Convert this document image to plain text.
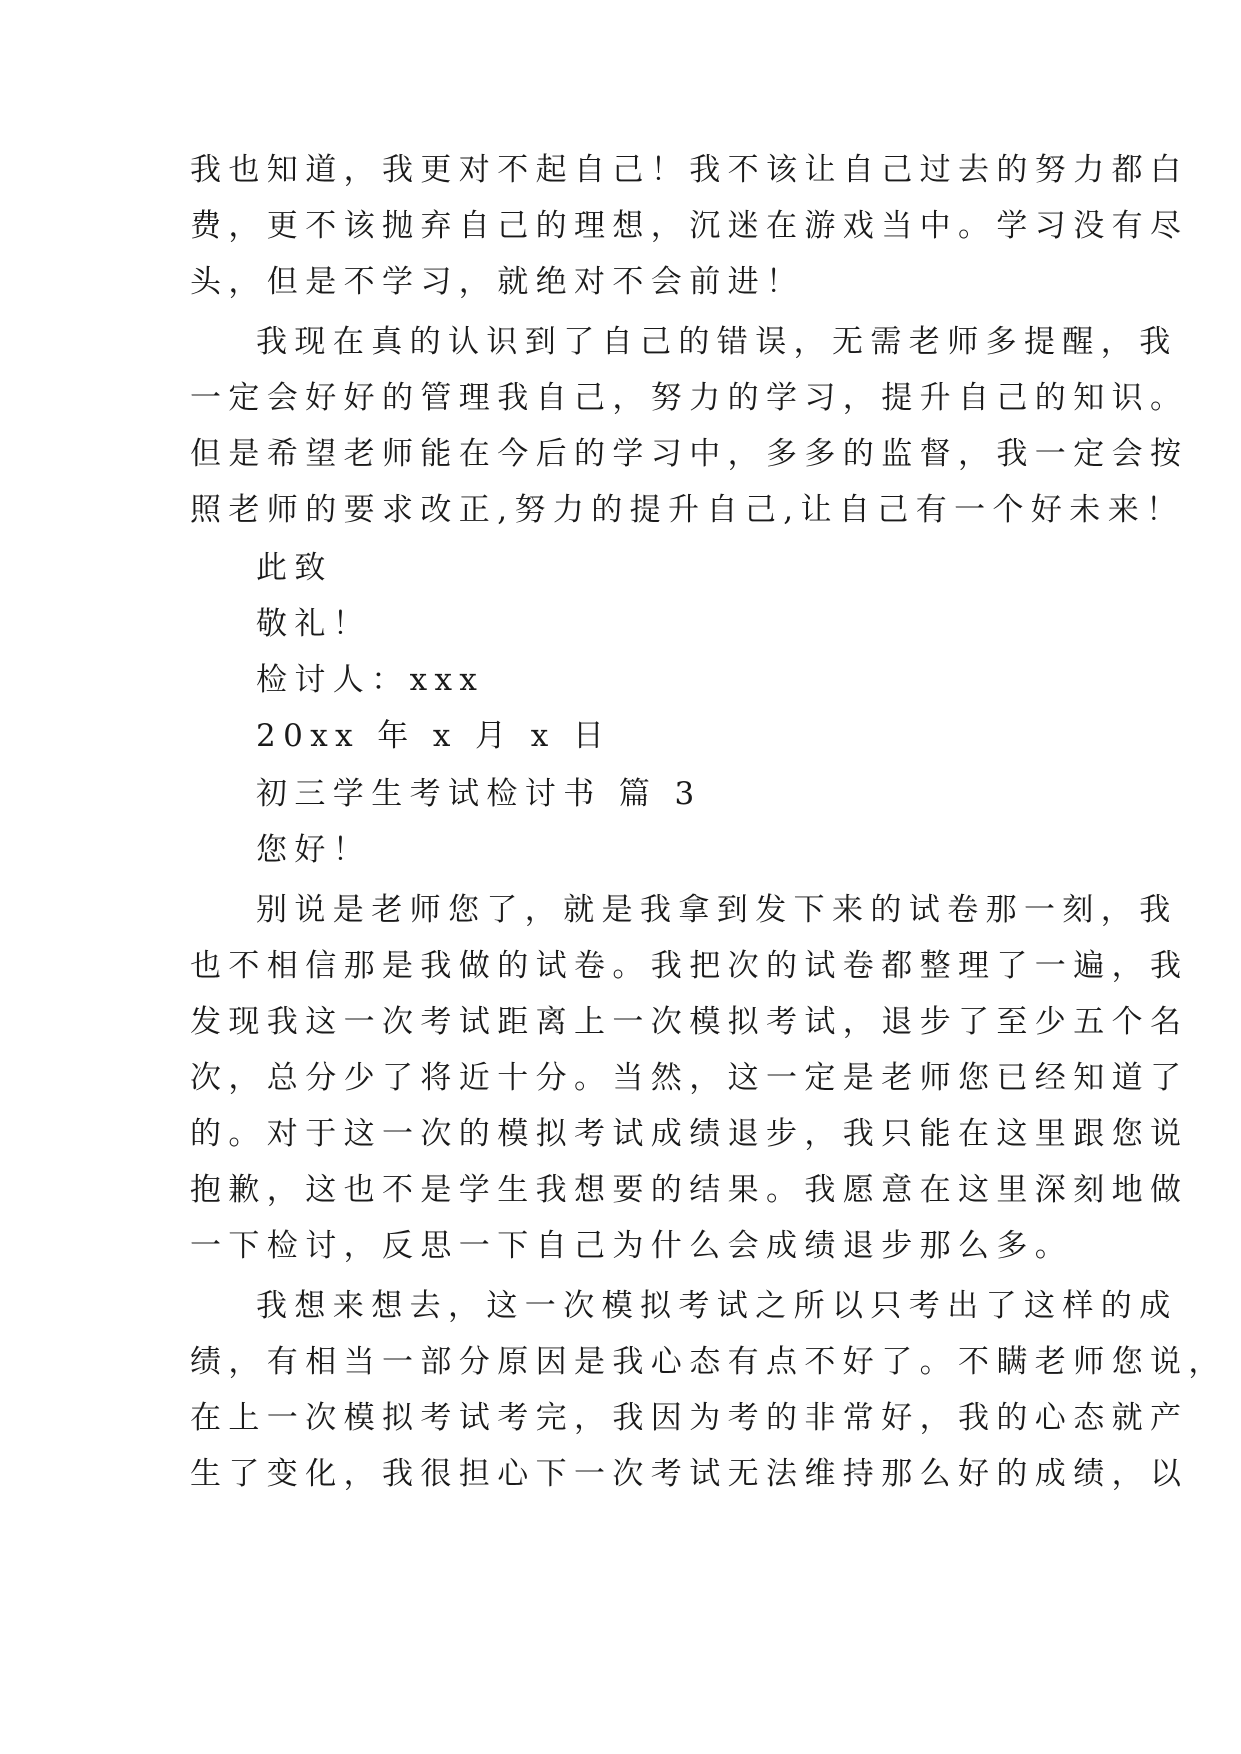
我也知道，我更对不起自己！我不该让自己过去的努力都白
费，更不该抛弃自己的理想，沉迷在游戏当中。学习没有尽
头，但是不学习，就绝对不会前进！
我现在真的认识到了自己的错误，无需老师多提醒，我
一定会好好的管理我自己，努力的学习，提升自己的知识。
但是希望老师能在今后的学习中，多多的监督，我一定会按
照老师的要求改正,努力的提升自己,让自己有一个好未来！
此致
敬礼！
检讨人：xxx
20xx 年 x 月 x 日
初三学生考试检讨书 篇 3
您好！
别说是老师您了，就是我拿到发下来的试卷那一刻，我
也不相信那是我做的试卷。我把次的试卷都整理了一遍，我
发现我这一次考试距离上一次模拟考试，退步了至少五个名
次，总分少了将近十分。当然，这一定是老师您已经知道了
的。对于这一次的模拟考试成绩退步，我只能在这里跟您说
抱歉，这也不是学生我想要的结果。我愿意在这里深刻地做
一下检讨，反思一下自己为什么会成绩退步那么多。
我想来想去，这一次模拟考试之所以只考出了这样的成
绩，有相当一部分原因是我心态有点不好了。不瞒老师您说，
在上一次模拟考试考完，我因为考的非常好，我的心态就产
生了变化，我很担心下一次考试无法维持那么好的成绩，以
